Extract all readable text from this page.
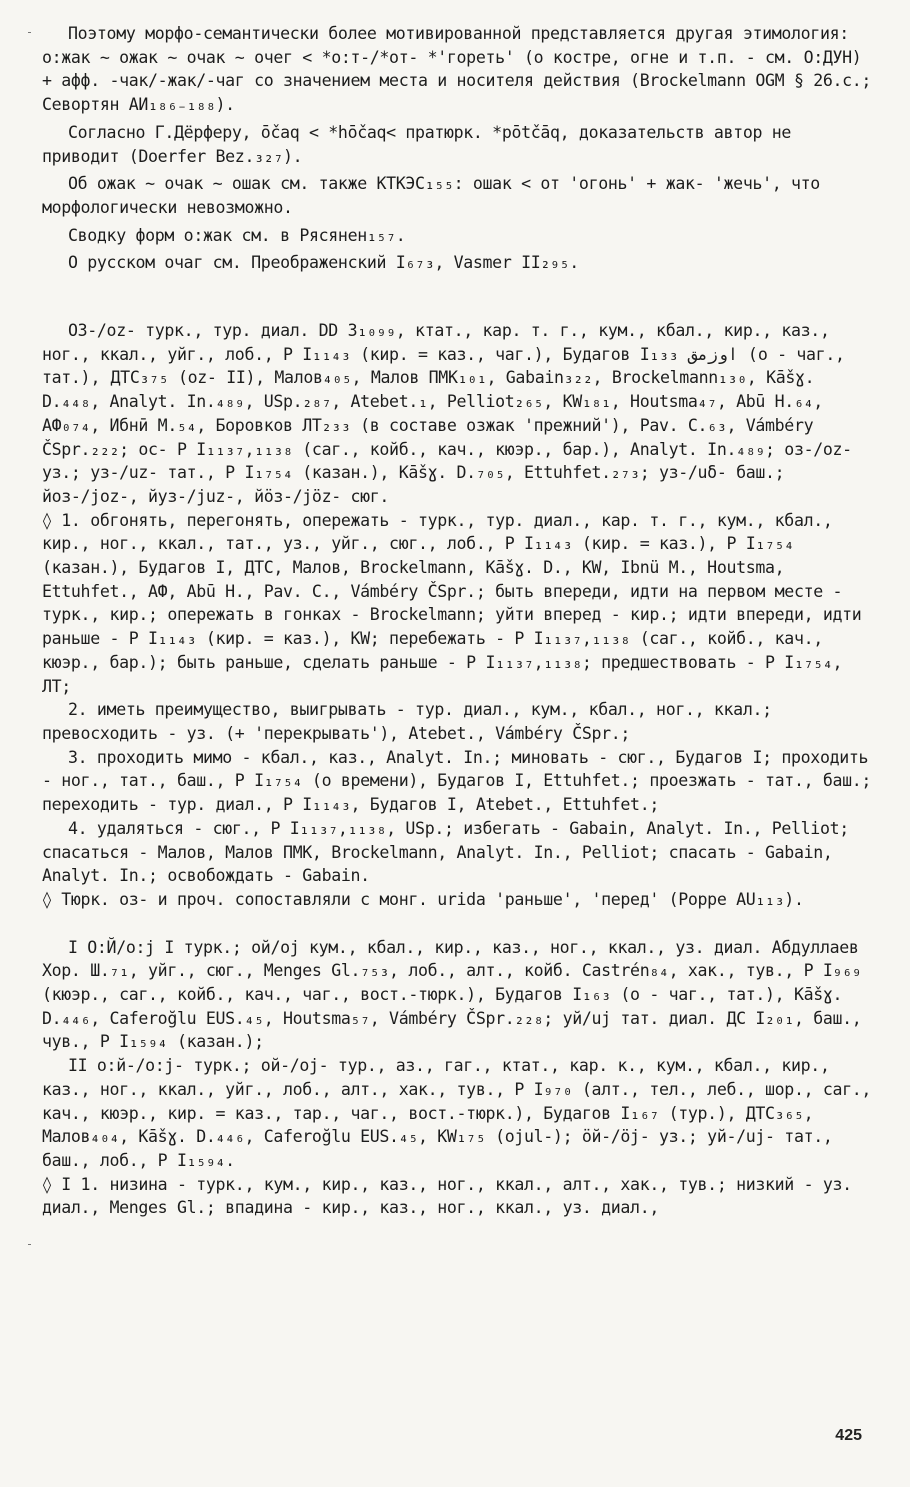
Поэтому морфо-семантически более мотивированной представляется другая этимология: о:жак ~ ожак ~ очак ~ очег < *о:т-/*от- *'гореть' (о костре, огне и т.п. - см. О:ДУН) + афф. -чак/-жак/-чаг со значением места и носителя действия (Brockelmann OGM § 26.с.; Севортян АИ₁₈₆₋₁₈₈).

Согласно Г.Дёрферу, ōčaq < *hōčaq< пратюрк. *pōtčāq, доказательств автор не приводит (Doerfer Bez.₃₂₇).

Об ожак ~ очак ~ ошак см. также КТКЭС₁₅₅: ошак < от 'огонь' + жак- 'жечь', что морфологически невозможно.

Сводку форм о:жак см. в Рясянен₁₅₇.

О русском очаг см. Преображенский I₆₇₃, Vasmer II₂₉₅.

ОЗ-/oz- турк., тур. диал. DD 3₁₀₉₉, ктат., кар. т. г., кум., кбал., кир., каз., ног., ккал., уйг., лоб., Р I₁₁₄₃ (кир. = каз., чаг.), Будагов I₁₃₃ اوزمق (о - чаг., тат.), ДТС₃₇₅ (oz- II), Малов₄₀₅, Малов ПМК₁₀₁, Gabain₃₂₂, Brockelmann₁₃₀, Kāšɣ. D.₄₄₈, Analyt. In.₄₈₉, USp.₂₈₇, Atebet.₁, Pelliot₂₆₅, KW₁₈₁, Houtsma₄₇, Abū H.₆₄, АФ₀₇₄, Ибнӣ М.₅₄, Боровков ЛТ₂₃₃ (в составе озжак 'прежний'), Pav. C.₆₃, Vámbéry ČSpr.₂₂₂; ос- Р I₁₁₃₇,₁₁₃₈ (саг., койб., кач., кюэр., бар.), Analyt. In.₄₈₉; оз-/oz- уз.; уз-/uz- тат., Р I₁₇₅₄ (казан.), Kāšɣ. D.₇₀₅, Ettuhfet.₂₇₃; уз-/uδ- баш.; йоз-/joz-, йуз-/juz-, йӧз-/jöz- сюг.

◊ 1. обгонять, перегонять, опережать - турк., тур. диал., кар. т. г., кум., кбал., кир., ног., ккал., тат., уз., уйг., сюг., лоб., Р I₁₁₄₃ (кир. = каз.), Р I₁₇₅₄ (казан.), Будагов I, ДТС, Малов, Brockelmann, Kāšɣ. D., KW, Ibnü M., Houtsma, Ettuhfet., АФ, Abū H., Pav. C., Vámbéry ČSpr.; быть впереди, идти на первом месте - турк., кир.; опережать в гонках - Brockelmann; уйти вперед - кир.; идти впереди, идти раньше - Р I₁₁₄₃ (кир. = каз.), KW; перебежать - Р I₁₁₃₇,₁₁₃₈ (саг., койб., кач., кюэр., бар.); быть раньше, сделать раньше - Р I₁₁₃₇,₁₁₃₈; предшествовать - Р I₁₇₅₄, ЛТ;

2. иметь преимущество, выигрывать - тур. диал., кум., кбал., ног., ккал.; превосходить - уз. (+ 'перекрывать'), Atebet., Vámbéry ČSpr.;

3. проходить мимо - кбал., каз., Analyt. In.; миновать - сюг., Будагов I; проходить - ног., тат., баш., Р I₁₇₅₄ (о времени), Будагов I, Ettuhfet.; проезжать - тат., баш.; переходить - тур. диал., Р I₁₁₄₃, Будагов I, Atebet., Ettuhfet.;

4. удаляться - сюг., Р I₁₁₃₇,₁₁₃₈, USp.; избегать - Gabain, Analyt. In., Pelliot; спасаться - Малов, Малов ПМК, Brockelmann, Analyt. In., Pelliot; спасать - Gabain, Analyt. In.; освобождать - Gabain.

◊ Тюрк. оз- и проч. сопоставляли с монг. urida 'раньше', 'перед' (Poppe AU₁₁₃).

I О:Й/o:j I турк.; ой/oj кум., кбал., кир., каз., ног., ккал., уз. диал. Абдуллаев Хор. Ш.₇₁, уйг., сюг., Menges Gl.₇₅₃, лоб., алт., койб. Castrén₈₄, хак., тув., Р I₉₆₉ (кюэр., саг., койб., кач., чаг., вост.-тюрк.), Будагов I₁₆₃ (о - чаг., тат.), Kāšɣ. D.₄₄₆, Caferoğlu EUS.₄₅, Houtsma₅₇, Vámbéry ČSpr.₂₂₈; уй/uj тат. диал. ДС I₂₀₁, баш., чув., Р I₁₅₉₄ (казан.);

II о:й-/o:j- турк.; ой-/oj- тур., аз., гаг., ктат., кар. к., кум., кбал., кир., каз., ног., ккал., уйг., лоб., алт., хак., тув., Р I₉₇₀ (алт., тел., леб., шор., саг., кач., кюэр., кир. = каз., тар., чаг., вост.-тюрк.), Будагов I₁₆₇ (тур.), ДТС₃₆₅, Малов₄₀₄, Kāšɣ. D.₄₄₆, Caferoğlu EUS.₄₅, KW₁₇₅ (ojul-); ӧй-/öj- уз.; уй-/uj- тат., баш., лоб., Р I₁₅₉₄.

◊ I 1. низина - турк., кум., кир., каз., ног., ккал., алт., хак., тув.; низкий - уз. диал., Menges Gl.; впадина - кир., каз., ног., ккал., уз. диал.,

425
